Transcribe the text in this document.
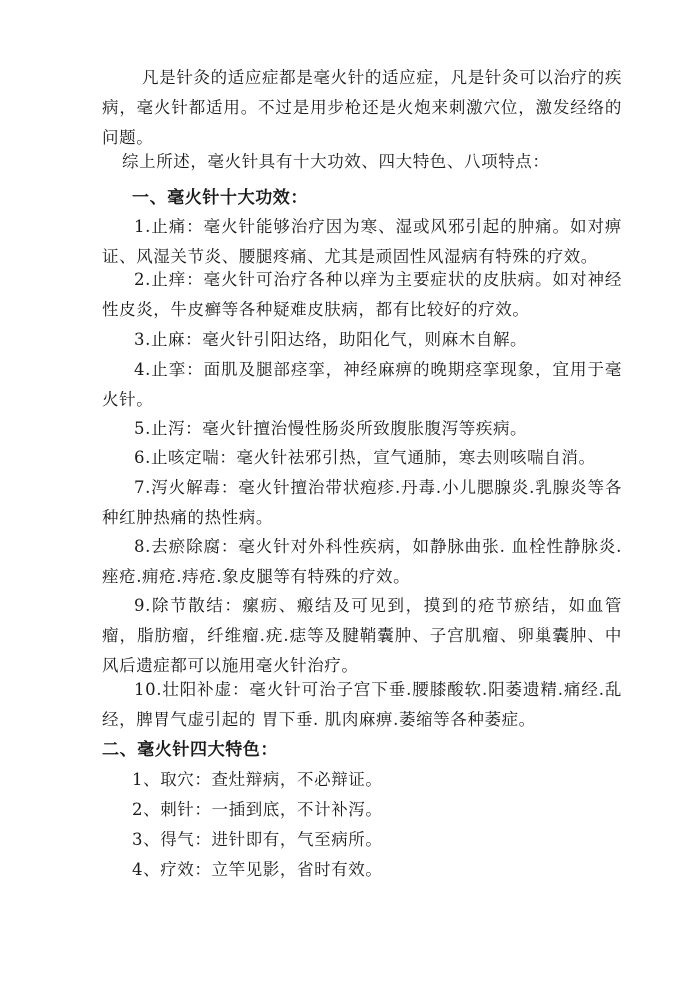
凡是针灸的适应症都是毫火针的适应症，凡是针灸可以治疗的疾病，毫火针都适用。不过是用步枪还是火炮来刺激穴位，激发经络的问题。

综上所述，毫火针具有十大功效、四大特色、八项特点：

一、毫火针十大功效：

1.止痛：毫火针能够治疗因为寒、湿或风邪引起的肿痛。如对痹证、风湿关节炎、腰腿疼痛、尤其是顽固性风湿病有特殊的疗效。

2.止痒：毫火针可治疗各种以痒为主要症状的皮肤病。如对神经性皮炎，牛皮癣等各种疑难皮肤病，都有比较好的疗效。

3.止麻：毫火针引阳达络，助阳化气，则麻木自解。

4.止挛：面肌及腿部痉挛，神经麻痹的晚期痉挛现象，宜用于毫火针。

5.止泻：毫火针擅治慢性肠炎所致腹胀腹泻等疾病。

6.止咳定喘：毫火针祛邪引热，宣气通肺，寒去则咳喘自消。

7.泻火解毒：毫火针擅治带状疱疹.丹毒.小儿腮腺炎.乳腺炎等各种红肿热痛的热性病。

8.去瘀除腐：毫火针对外科性疾病，如静脉曲张. 血栓性静脉炎.痤疮.痈疮.痔疮.象皮腿等有特殊的疗效。

9.除节散结：瘰疬、瘢结及可见到，摸到的疮节瘀结，如血管瘤，脂肪瘤，纤维瘤.疣.痣等及腱鞘囊肿、子宫肌瘤、卵巢囊肿、中风后遗症都可以施用毫火针治疗。

10.壮阳补虚：毫火针可治子宫下垂.腰膝酸软.阳萎遗精.痛经.乱经，脾胃气虚引起的 胃下垂. 肌肉麻痹.萎缩等各种萎症。

二、毫火针四大特色：

1、取穴：查灶辩病，不必辩证。

2、刺针：一插到底，不计补泻。

3、得气：进针即有，气至病所。

4、疗效：立竿见影，省时有效。
